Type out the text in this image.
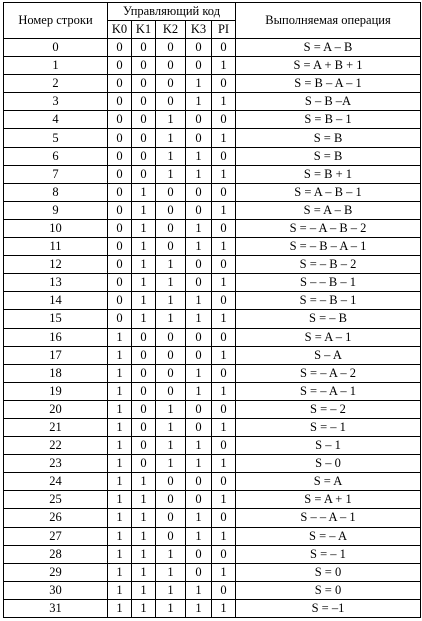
Номер строки	Управляющий код					Выполняемая операция
	K0	K1	K2	K3	PI	
0	0	0	0	0	0	S = A – B
1	0	0	0	0	1	S = A + B + 1
2	0	0	0	1	0	S = B – A – 1
3	0	0	0	1	1	S – B –A
4	0	0	1	0	0	S = B – 1
5	0	0	1	0	1	S = B
6	0	0	1	1	0	S = B
7	0	0	1	1	1	S = B + 1
8	0	1	0	0	0	S = A – B – 1
9	0	1	0	0	1	S = A – B
10	0	1	0	1	0	S = – A – B – 2
11	0	1	0	1	1	S = – B – A – 1
12	0	1	1	0	0	S = – B – 2
13	0	1	1	0	1	S – – B – 1
14	0	1	1	1	0	S = – B – 1
15	0	1	1	1	1	S = – B
16	1	0	0	0	0	S = A – 1
17	1	0	0	0	1	S – A
18	1	0	0	1	0	S = – A – 2
19	1	0	0	1	1	S = – A – 1
20	1	0	1	0	0	S = – 2
21	1	0	1	0	1	S = – 1
22	1	0	1	1	0	S – 1
23	1	0	1	1	1	S – 0
24	1	1	0	0	0	S = A
25	1	1	0	0	1	S = A + 1
26	1	1	0	1	0	S – – A – 1
27	1	1	0	1	1	S = – A
28	1	1	1	0	0	S = – 1
29	1	1	1	0	1	S = 0
30	1	1	1	1	0	S = 0
31	1	1	1	1	1	S = –1
